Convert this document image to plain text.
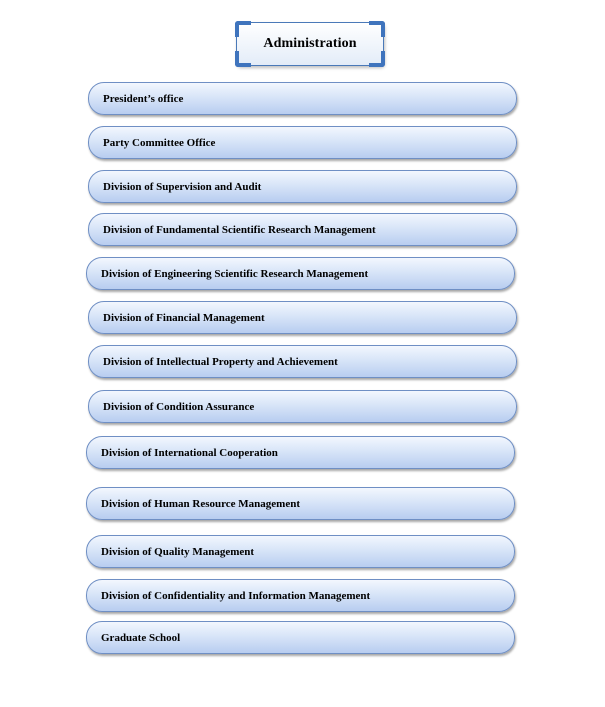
Administration
President’s office
Party Committee Office
Division of Supervision and Audit
Division of Fundamental Scientific Research Management
Division of Engineering Scientific Research Management
Division of Financial Management
Division of Intellectual Property and Achievement
Division of Condition Assurance
Division of International Cooperation
Division of Human Resource Management
Division of Quality Management
Division of Confidentiality and Information Management
Graduate School
